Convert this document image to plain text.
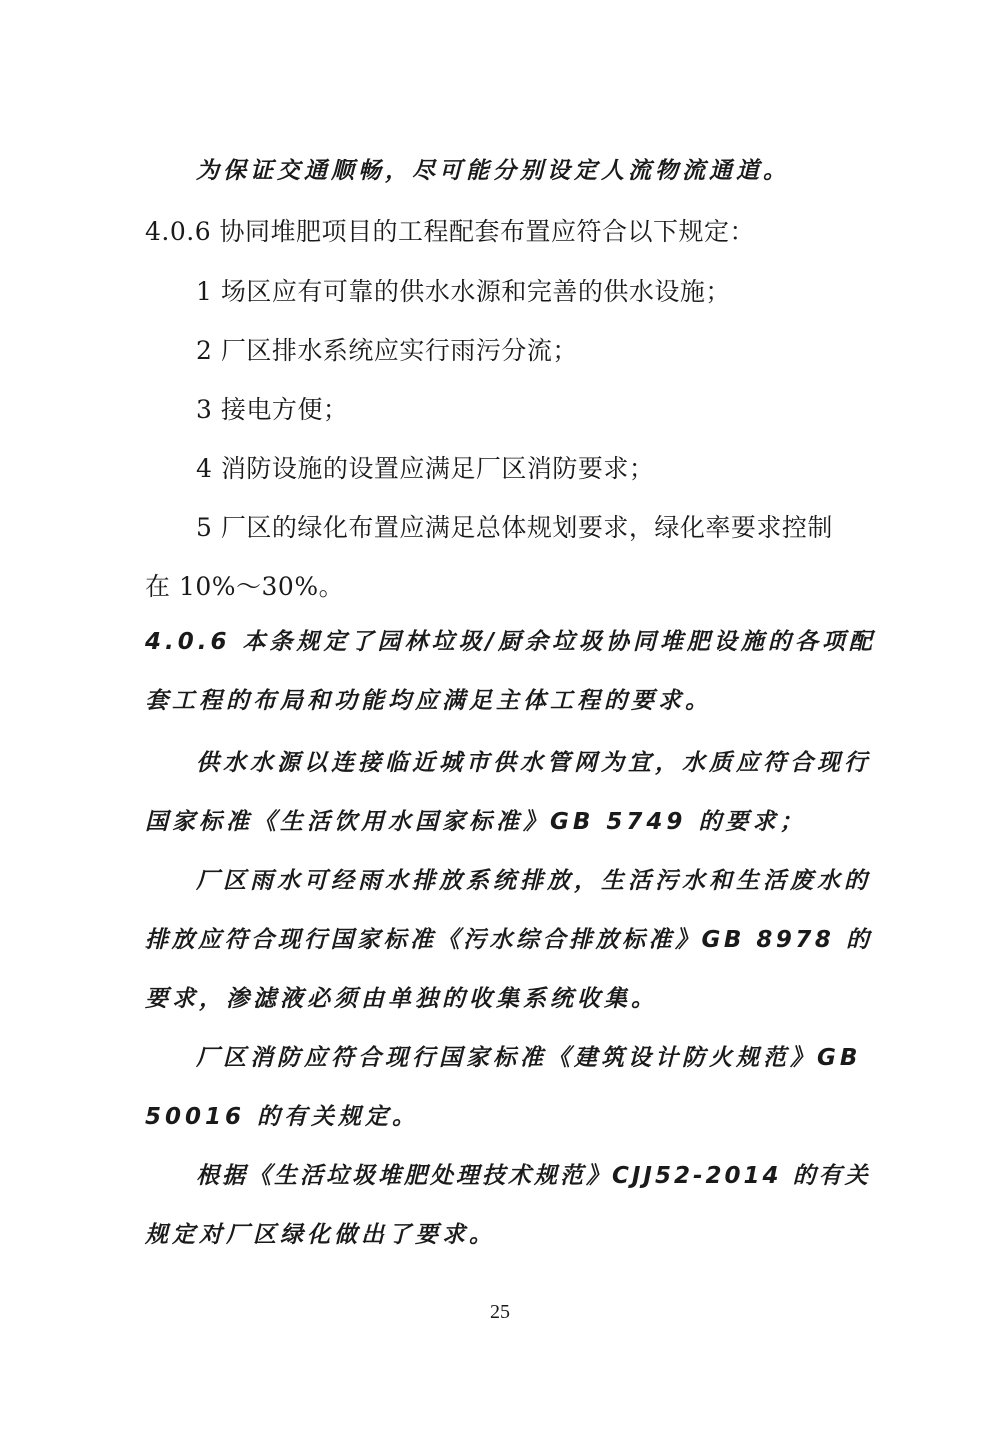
为保证交通顺畅，尽可能分别设定人流物流通道。
4.0.6 协同堆肥项目的工程配套布置应符合以下规定：
1 场区应有可靠的供水水源和完善的供水设施；
2 厂区排水系统应实行雨污分流；
3 接电方便；
4 消防设施的设置应满足厂区消防要求；
5 厂区的绿化布置应满足总体规划要求，绿化率要求控制
在 10%～30%。
4.0.6 本条规定了园林垃圾/厨余垃圾协同堆肥设施的各项配
套工程的布局和功能均应满足主体工程的要求。
供水水源以连接临近城市供水管网为宜，水质应符合现行
国家标准《生活饮用水国家标准》GB 5749 的要求；
厂区雨水可经雨水排放系统排放，生活污水和生活废水的
排放应符合现行国家标准《污水综合排放标准》GB 8978 的
要求，渗滤液必须由单独的收集系统收集。
厂区消防应符合现行国家标准《建筑设计防火规范》GB
50016 的有关规定。
根据《生活垃圾堆肥处理技术规范》CJJ52-2014 的有关
规定对厂区绿化做出了要求。
25
